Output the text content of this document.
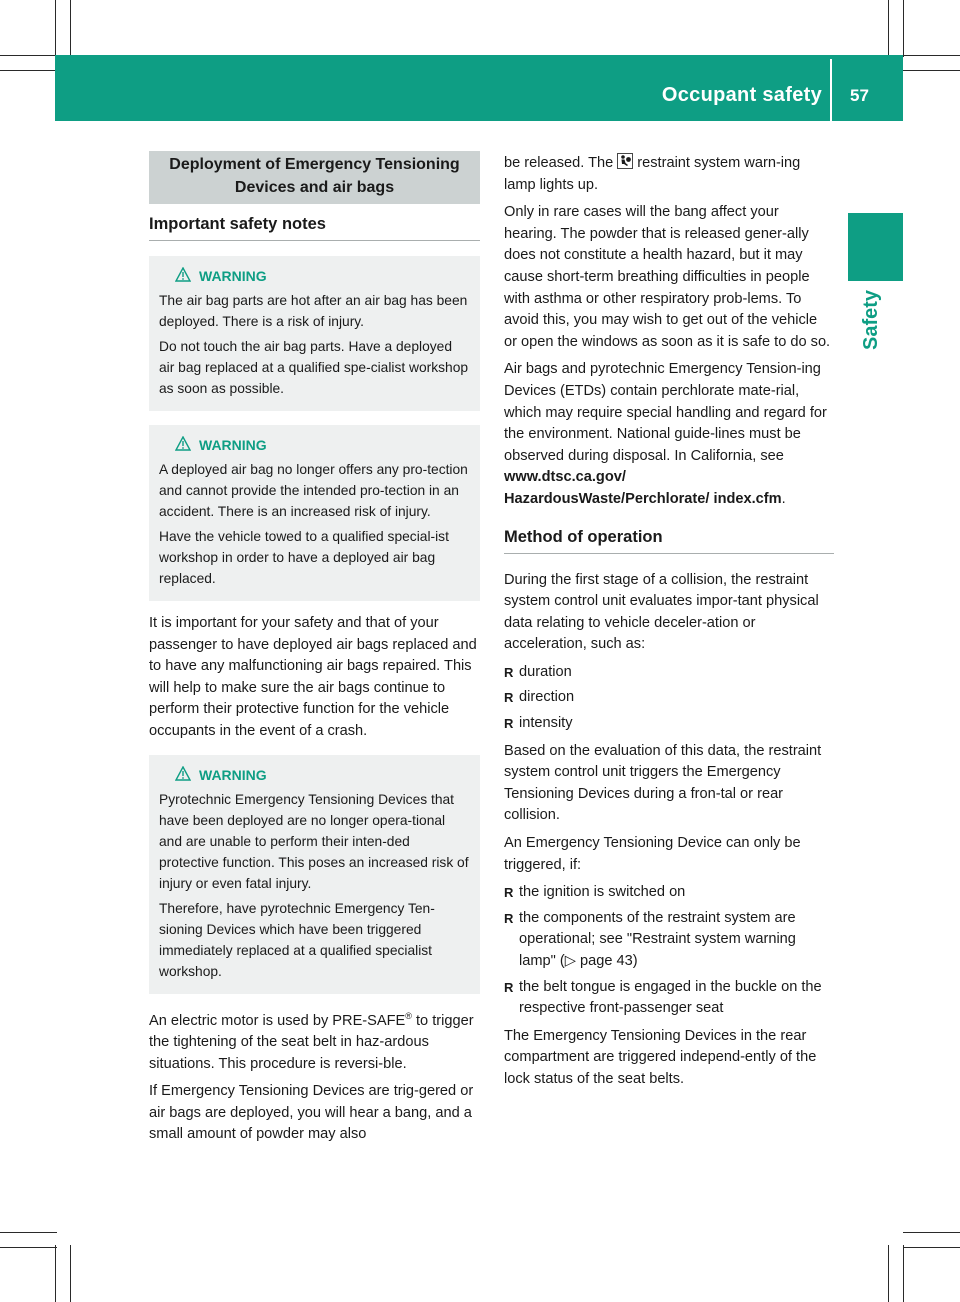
Occupant safety 57
Safety
Deployment of Emergency Tensioning Devices and air bags
Important safety notes
WARNING

The air bag parts are hot after an air bag has been deployed. There is a risk of injury.

Do not touch the air bag parts. Have a deployed air bag replaced at a qualified spe-cialist workshop as soon as possible.

WARNING

A deployed air bag no longer offers any pro-tection and cannot provide the intended pro-tection in an accident. There is an increased risk of injury.

Have the vehicle towed to a qualified special-ist workshop in order to have a deployed air bag replaced.

It is important for your safety and that of your passenger to have deployed air bags replaced and to have any malfunctioning air bags repaired. This will help to make sure the air bags continue to perform their protective function for the vehicle occupants in the event of a crash.

WARNING

Pyrotechnic Emergency Tensioning Devices that have been deployed are no longer opera-tional and are unable to perform their inten-ded protective function. This poses an increased risk of injury or even fatal injury.

Therefore, have pyrotechnic Emergency Ten-sioning Devices which have been triggered immediately replaced at a qualified specialist workshop.

An electric motor is used by PRE-SAFE® to trigger the tightening of the seat belt in haz-ardous situations. This procedure is reversi-ble.

If Emergency Tensioning Devices are trig-gered or air bags are deployed, you will hear a bang, and a small amount of powder may also

be released. The restraint system warn-ing lamp lights up.

Only in rare cases will the bang affect your hearing. The powder that is released gener-ally does not constitute a health hazard, but it may cause short-term breathing difficulties in people with asthma or other respiratory prob-lems. To avoid this, you may wish to get out of the vehicle or open the windows as soon as it is safe to do so.

Air bags and pyrotechnic Emergency Tension-ing Devices (ETDs) contain perchlorate mate-rial, which may require special handling and regard for the environment. National guide-lines must be observed during disposal. In California, see www.dtsc.ca.gov/ HazardousWaste/Perchlorate/ index.cfm.

Method of operation

During the first stage of a collision, the restraint system control unit evaluates impor-tant physical data relating to vehicle deceler-ation or acceleration, such as:

R duration
R direction
R intensity

Based on the evaluation of this data, the restraint system control unit triggers the Emergency Tensioning Devices during a fron-tal or rear collision.

An Emergency Tensioning Device can only be triggered, if:

R the ignition is switched on
R the components of the restraint system are operational; see "Restraint system warning lamp" (▷ page 43)
R the belt tongue is engaged in the buckle on the respective front-passenger seat

The Emergency Tensioning Devices in the rear compartment are triggered independ-ently of the lock status of the seat belts.
